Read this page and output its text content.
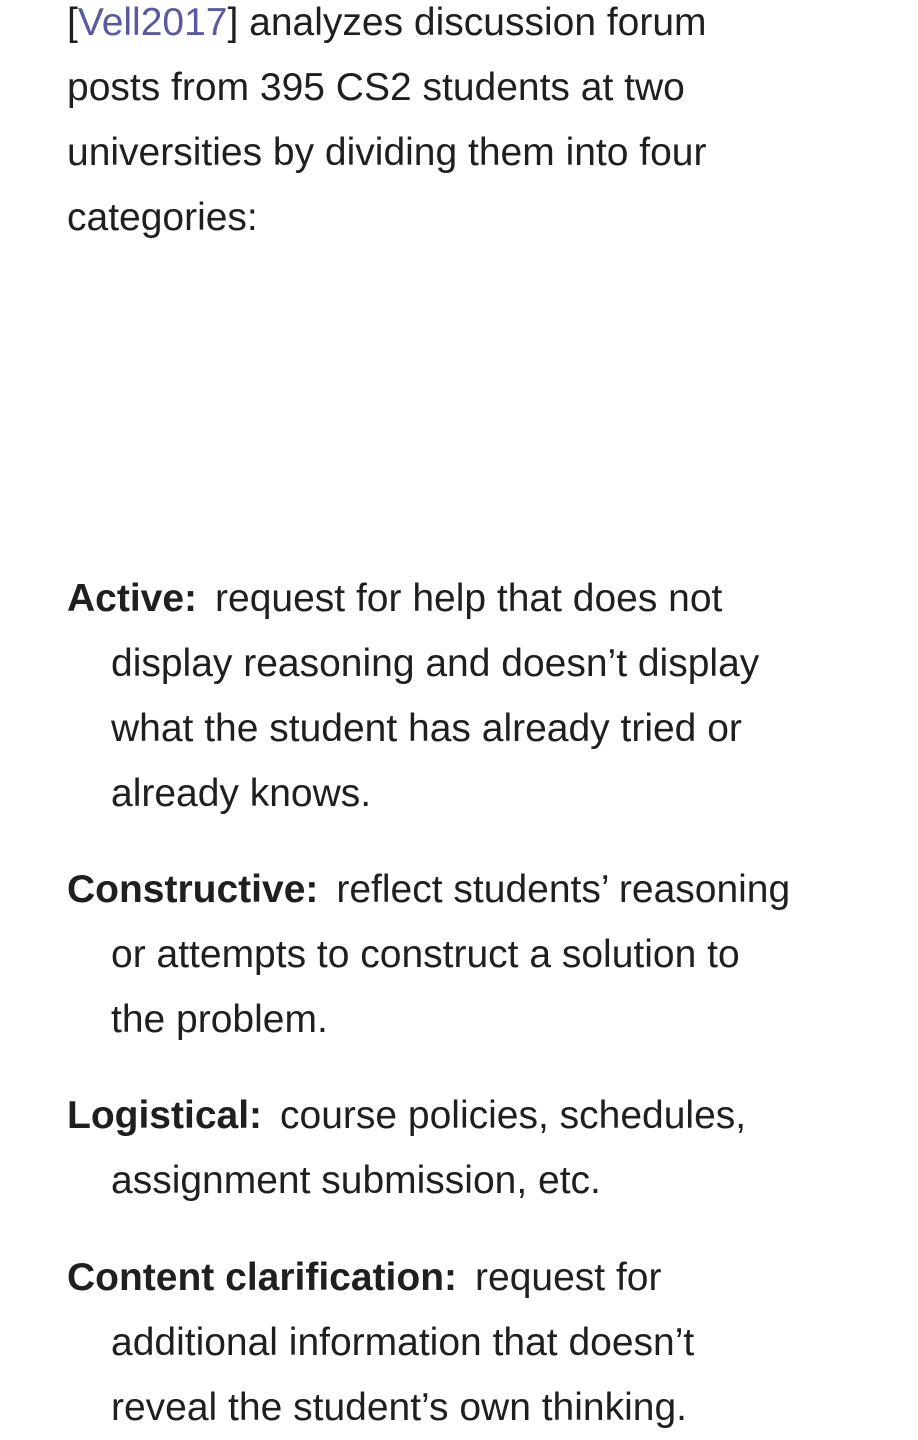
[Vell2017] analyzes discussion forum
posts from 395 CS2 students at two
universities by dividing them into four
categories:

Active: request for help that does not
display reasoning and doesn’t display
what the student has already tried or
already knows.

Constructive: reflect students’ reasoning
or attempts to construct a solution to
the problem.

Logistical: course policies, schedules,
assignment submission, etc.

Content clarification: request for
additional information that doesn’t
reveal the student’s own thinking.
